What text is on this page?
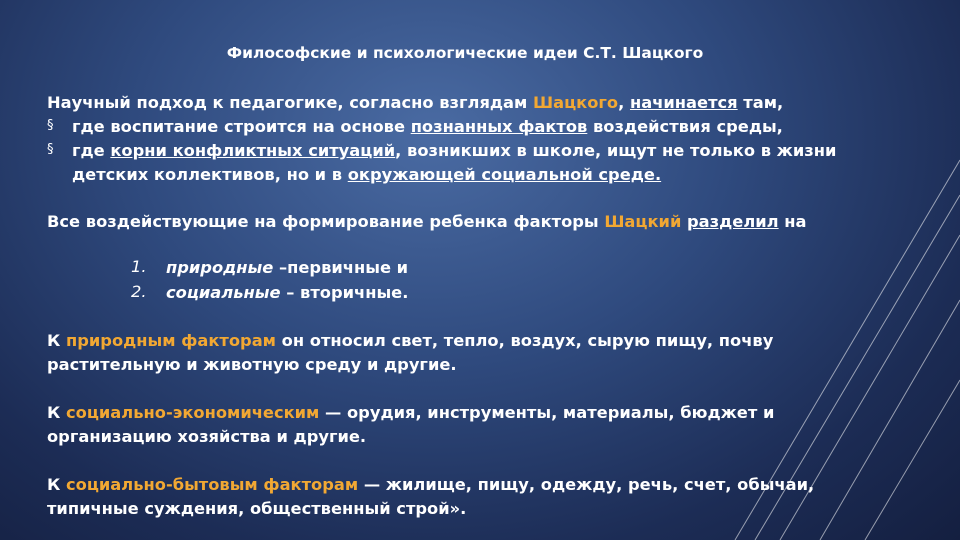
Философские и психологические идеи С.Т. Шацкого
Научный подход к педагогике, согласно взглядам Шацкого, начинается там,
§ где воспитание строится на основе познанных фактов воздействия среды,
§ где корни конфликтных ситуаций, возникших в школе, ищут не только в жизни
детских коллективов, но и в окружающей социальной среде.
Все воздействующие на формирование ребенка факторы Шацкий разделил на
1. природные –первичные и
2. социальные – вторичные.
К природным факторам он относил свет, тепло, воздух, сырую пищу, почву
растительную и животную среду и другие.
К социально-экономическим — орудия, инструменты, материалы, бюджет и
организацию хозяйства и другие.
К социально-бытовым факторам — жилище, пищу, одежду, речь, счет, обычаи,
типичные суждения, общественный строй».
